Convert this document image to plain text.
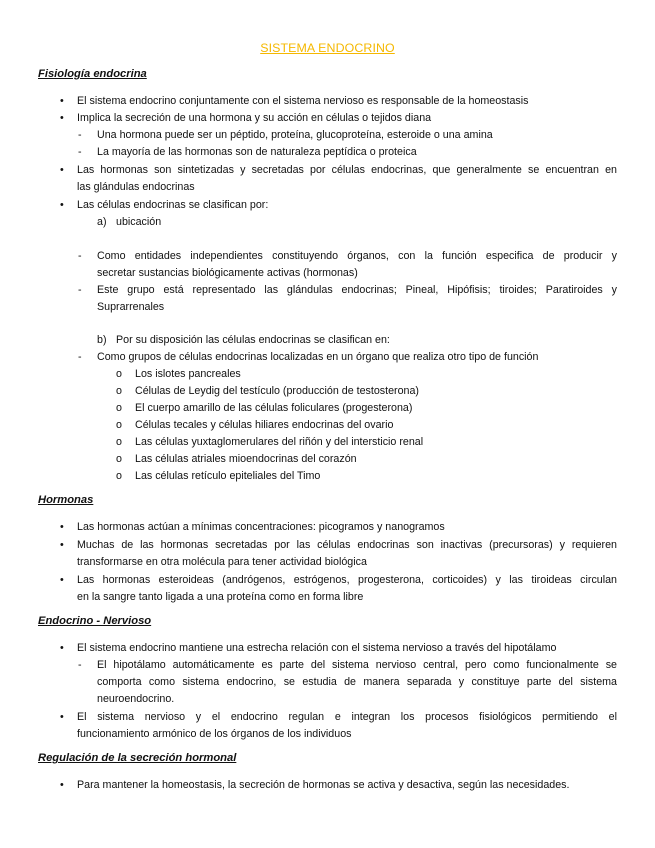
SISTEMA ENDOCRINO
Fisiología endocrina
• El sistema endocrino conjuntamente con el sistema nervioso es responsable de la homeostasis
• Implica la secreción de una hormona y su acción en células o tejidos diana
- Una hormona puede ser un péptido, proteína, glucoproteína, esteroide o una amina
- La mayoría de las hormonas son de naturaleza peptídica o proteica
• Las hormonas son sintetizadas y secretadas por células endocrinas, que generalmente se encuentran en
las glándulas endocrinas
• Las células endocrinas se clasifican por:
a) ubicación
- Como entidades independientes constituyendo órganos, con la función especifica de producir y
secretar sustancias biológicamente activas (hormonas)
- Este grupo está representado las glándulas endocrinas; Pineal, Hipófisis; tiroides; Paratiroides y
Suprarrenales
b) Por su disposición las células endocrinas se clasifican en:
- Como grupos de células endocrinas localizadas en un órgano que realiza otro tipo de función
o Los islotes pancreales
o Células de Leydig del testículo (producción de testosterona)
o El cuerpo amarillo de las células foliculares (progesterona)
o Células tecales y células hiliares endocrinas del ovario
o Las células yuxtaglomerulares del riñón y del intersticio renal
o Las células atriales mioendocrinas del corazón
o Las células retículo epiteliales del Timo
Hormonas
• Las hormonas actúan a mínimas concentraciones: picogramos y nanogramos
• Muchas de las hormonas secretadas por las células endocrinas son inactivas (precursoras) y requieren
transformarse en otra molécula para tener actividad biológica
• Las hormonas esteroideas (andrógenos, estrógenos, progesterona, corticoides) y las tiroideas circulan
en la sangre tanto ligada a una proteína como en forma libre
Endocrino - Nervioso
• El sistema endocrino mantiene una estrecha relación con el sistema nervioso a través del hipotálamo
- El hipotálamo automáticamente es parte del sistema nervioso central, pero como funcionalmente se
comporta como sistema endocrino, se estudia de manera separada y constituye parte del sistema
neuroendocrino.
• El sistema nervioso y el endocrino regulan e integran los procesos fisiológicos permitiendo el
funcionamiento armónico de los órganos de los individuos
Regulación de la secreción hormonal
• Para mantener la homeostasis, la secreción de hormonas se activa y desactiva, según las necesidades.
